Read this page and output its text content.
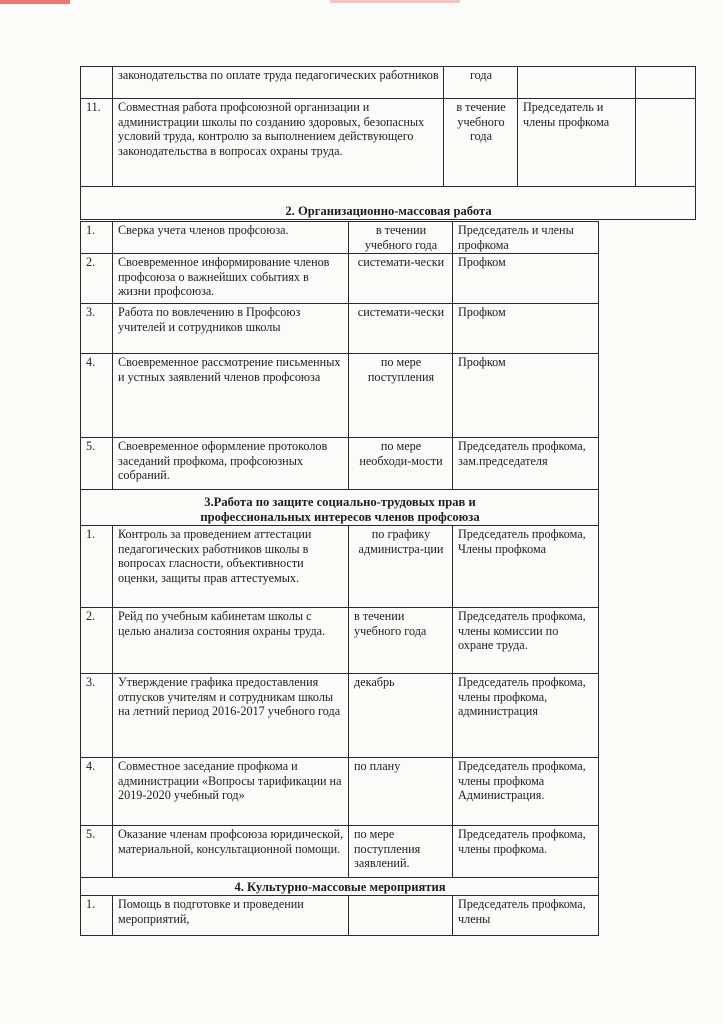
	законодательства по оплате труда педагогических работников	года		
11.	Совместная работа профсоюзной организации и администрации школы по созданию здоровых, безопасных условий труда, контролю за выполнением действующего законодательства в вопросах охраны труда.	в течение учебного года	Председатель и члены профкома	
2. Организационно-массовая работа				
1.	Сверка учета членов профсоюза.	в течении учебного года	Председатель и члены профкома
2.	Своевременное информирование членов профсоюза о важнейших событиях в жизни профсоюза.	системати-чески	Профком
3.	Работа по вовлечению в Профсоюз учителей и сотрудников школы	системати-чески	Профком
4.	Своевременное рассмотрение письменных и устных заявлений членов профсоюза	по мере поступления	Профком
5.	Своевременное оформление протоколов заседаний профкома, профсоюзных собраний.	по мере необходи-мости	Председатель профкома, зам.председателя

3.Работа по защите социально-трудовых прав и
профессиональных интересов членов профсоюза			

1.	Контроль за проведением аттестации педагогических работников школы в вопросах гласности, объективности оценки, защиты прав аттестуемых.	по графику администра-ции	Председатель профкома, Члены профкома
2.	Рейд по учебным кабинетам школы с целью анализа состояния охраны труда.	в течении учебного года	Председатель профкома, члены комиссии по охране труда.
3.	Утверждение графика предоставления отпусков учителям и сотрудникам школы на летний период 2016-2017 учебного года	декабрь	Председатель профкома, члены профкома, администрация
4.	Совместное заседание профкома и администрации «Вопросы тарификации на 2019-2020 учебный год»	по плану	Председатель профкома, члены профкома Администрация.
5.	Оказание членам профсоюза юридической, материальной, консультационной помощи.	по мере поступления заявлений.	Председатель профкома, члены профкома.
4. Культурно-массовые мероприятия			
1.	Помощь в подготовке и проведении мероприятий,		Председатель профкома, члены
